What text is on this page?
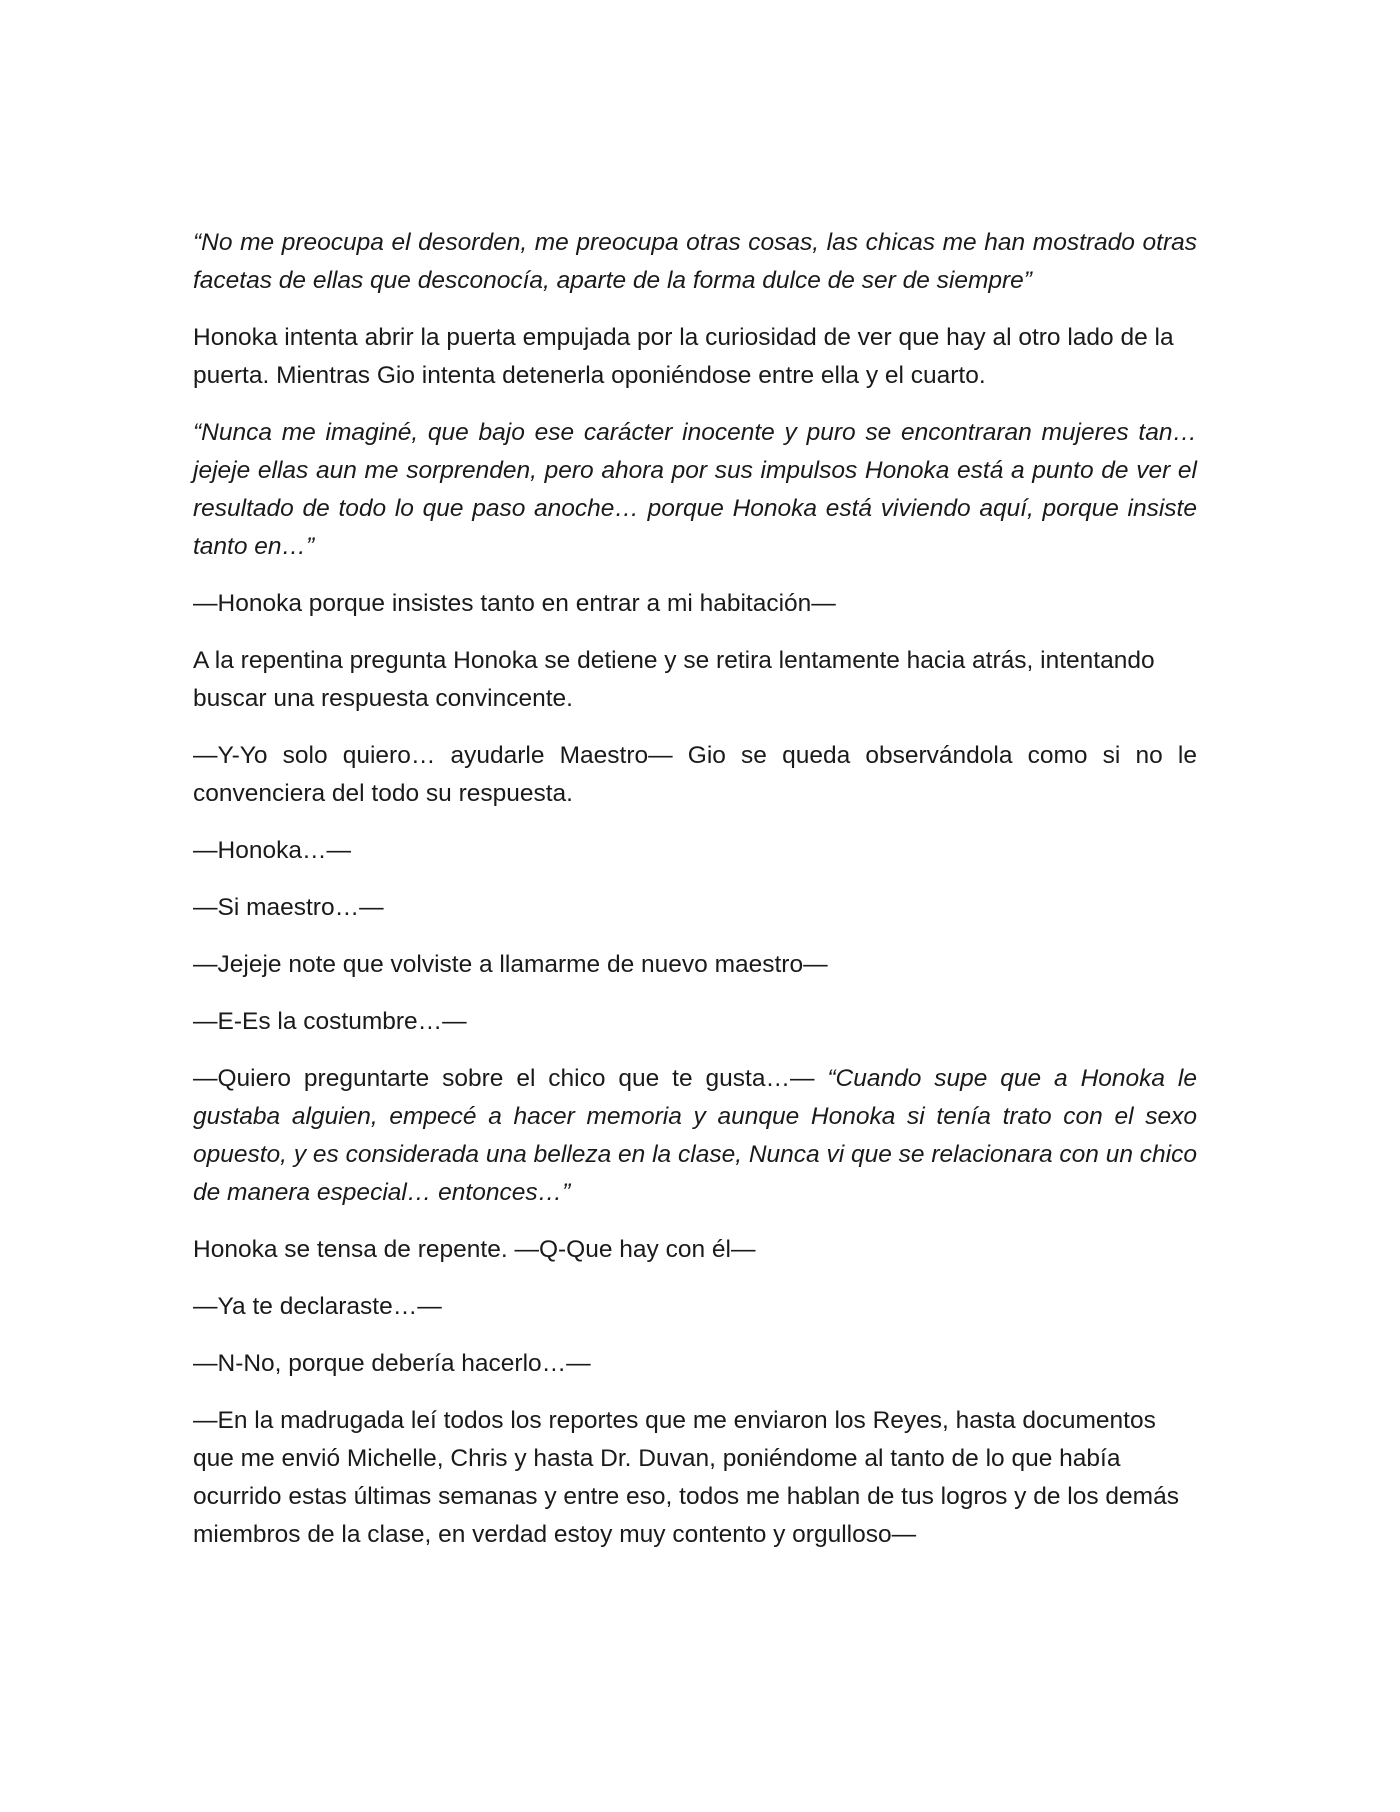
“No me preocupa el desorden, me preocupa otras cosas, las chicas me han mostrado otras facetas de ellas que desconocía, aparte de la forma dulce de ser de siempre”

Honoka intenta abrir la puerta empujada por la curiosidad de ver que hay al otro lado de la puerta. Mientras Gio intenta detenerla oponiéndose entre ella y el cuarto.

“Nunca me imaginé, que bajo ese carácter inocente y puro se encontraran mujeres tan… jejeje ellas aun me sorprenden, pero ahora por sus impulsos Honoka está a punto de ver el resultado de todo lo que paso anoche… porque Honoka está viviendo aquí, porque insiste tanto en…”

—Honoka porque insistes tanto en entrar a mi habitación—

A la repentina pregunta Honoka se detiene y se retira lentamente hacia atrás, intentando buscar una respuesta convincente.

—Y-Yo solo quiero… ayudarle Maestro— Gio se queda observándola como si no le convenciera del todo su respuesta.

—Honoka…—

—Si maestro…—

—Jejeje note que volviste a llamarme de nuevo maestro—

—E-Es la costumbre…—

—Quiero preguntarte sobre el chico que te gusta…— “Cuando supe que a Honoka le gustaba alguien, empecé a hacer memoria y aunque Honoka si tenía trato con el sexo opuesto, y es considerada una belleza en la clase, Nunca vi que se relacionara con un chico de manera especial… entonces…”

Honoka se tensa de repente. —Q-Que hay con él—

—Ya te declaraste…—

—N-No, porque debería hacerlo…—

—En la madrugada leí todos los reportes que me enviaron los Reyes, hasta documentos que me envió Michelle, Chris y hasta Dr. Duvan, poniéndome al tanto de lo que había ocurrido estas últimas semanas y entre eso, todos me hablan de tus logros y de los demás miembros de la clase, en verdad estoy muy contento y orgulloso—
